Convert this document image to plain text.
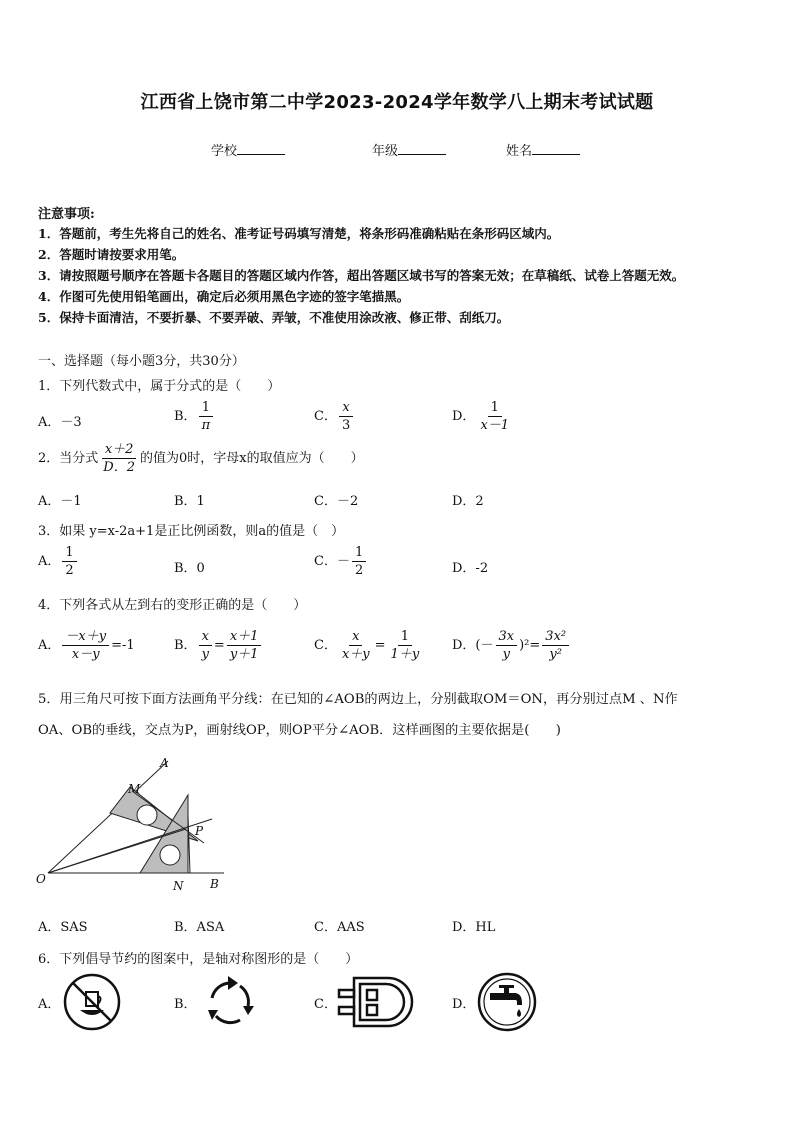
江西省上饶市第二中学2023-2024学年数学八上期末考试试题
学校	年级	姓名
注意事项:
1．答题前，考生先将自己的姓名、准考证号码填写清楚，将条形码准确粘贴在条形码区域内。
2．答题时请按要求用笔。
3．请按照题号顺序在答题卡各题目的答题区域内作答，超出答题区域书写的答案无效；在草稿纸、试卷上答题无效。
4．作图可先使用铅笔画出，确定后必须用黑色字迹的签字笔描黑。
5．保持卡面清洁，不要折暴、不要弄破、弄皱，不准使用涂改液、修正带、刮纸刀。
一、选择题（每小题3分，共30分）
1．下列代数式中，属于分式的是（　　）
A．－3	B． $\frac{1}{\pi}$	C． $\frac{x}{3}$	D． $\frac{1}{x-1}$
2．当分式 $\frac{x+2}{D.2}$ 的值为0时，字母x的取值应为（　　）
A．－1	B．1	C．－2	D．2
3．如果 y=x-2a+1是正比例函数，则a的值是（　）
A． $\frac{1}{2}$	B．0	C．－ $\frac{1}{2}$	D．-2
4．下列各式从左到右的变形正确的是（　　）
A． $\frac{-x+y}{x-y} =-1$	B． $\frac{x}{y} = \frac{x+1}{y+1}$	C． $\frac{x}{x+y} = \frac{1}{1+y}$ D．(－ $\frac{3x}{y} )^2= \frac{\text{3x²}}{\text{y²}}$
5．用三角尺可按下面方法画角平分线：在已知的∠AOB的两边上，分别截取OM＝ON，再分别过点M 、N作
OA、OB的垂线，交点为P，画射线OP，则OP平分∠AOB．这样画图的主要依据是(　　)
A
M
P
O	N B
A．SAS	B．ASA	C．AAS	D．HL
6．下列倡导节约的图案中，是轴对称图形的是（　　）
A．	B．	C．	D．
